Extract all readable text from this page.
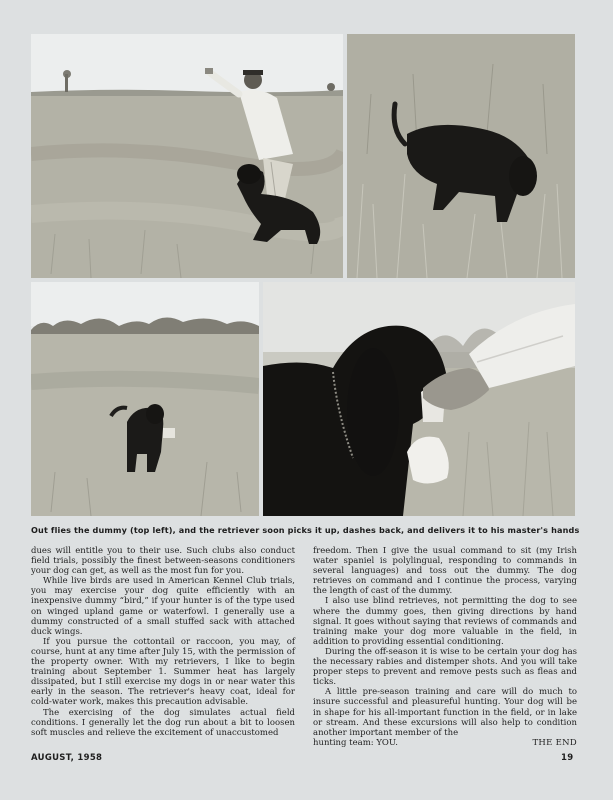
Out flies the dummy (top left), and the retriever soon picks it up, dashes back, and delivers it to his master's hands

dues will entitle you to their use. Such clubs also conduct field trials, possibly the finest between-seasons conditioners your dog can get, as well as the most fun for you.

While live birds are used in American Kennel Club trials, you may exercise your dog quite efficiently with an inexpensive dummy “bird,” if your hunter is of the type used on winged upland game or waterfowl. I generally use a dummy constructed of a small stuffed sack with attached duck wings.

If you pursue the cottontail or raccoon, you may, of course, hunt at any time after July 15, with the permission of the property owner. With my retrievers, I like to begin training about September 1. Summer heat has largely dissipated, but I still exercise my dogs in or near water this early in the season. The retriever's heavy coat, ideal for cold-water work, makes this precaution advisable.

The exercising of the dog simulates actual field conditions. I generally let the dog run about a bit to loosen soft muscles and relieve the excitement of unaccustomed

freedom. Then I give the usual command to sit (my Irish water spaniel is polylingual, responding to commands in several languages) and toss out the dummy. The dog retrieves on command and I continue the process, varying the length of cast of the dummy.

I also use blind retrieves, not permitting the dog to see where the dummy goes, then giving directions by hand signal. It goes without saying that reviews of commands and training make your dog more valuable in the field, in addition to providing essential conditioning.

During the off-season it is wise to be certain your dog has the necessary rabies and distemper shots. And you will take proper steps to prevent and remove pests such as fleas and ticks.

A little pre-season training and care will do much to insure successful and pleasureful hunting. Your dog will be in shape for his all-important function in the field, or in lake or stream. And these excursions will also help to condition another important member of the

hunting team: YOU.	THE END
AUGUST, 1958	19
